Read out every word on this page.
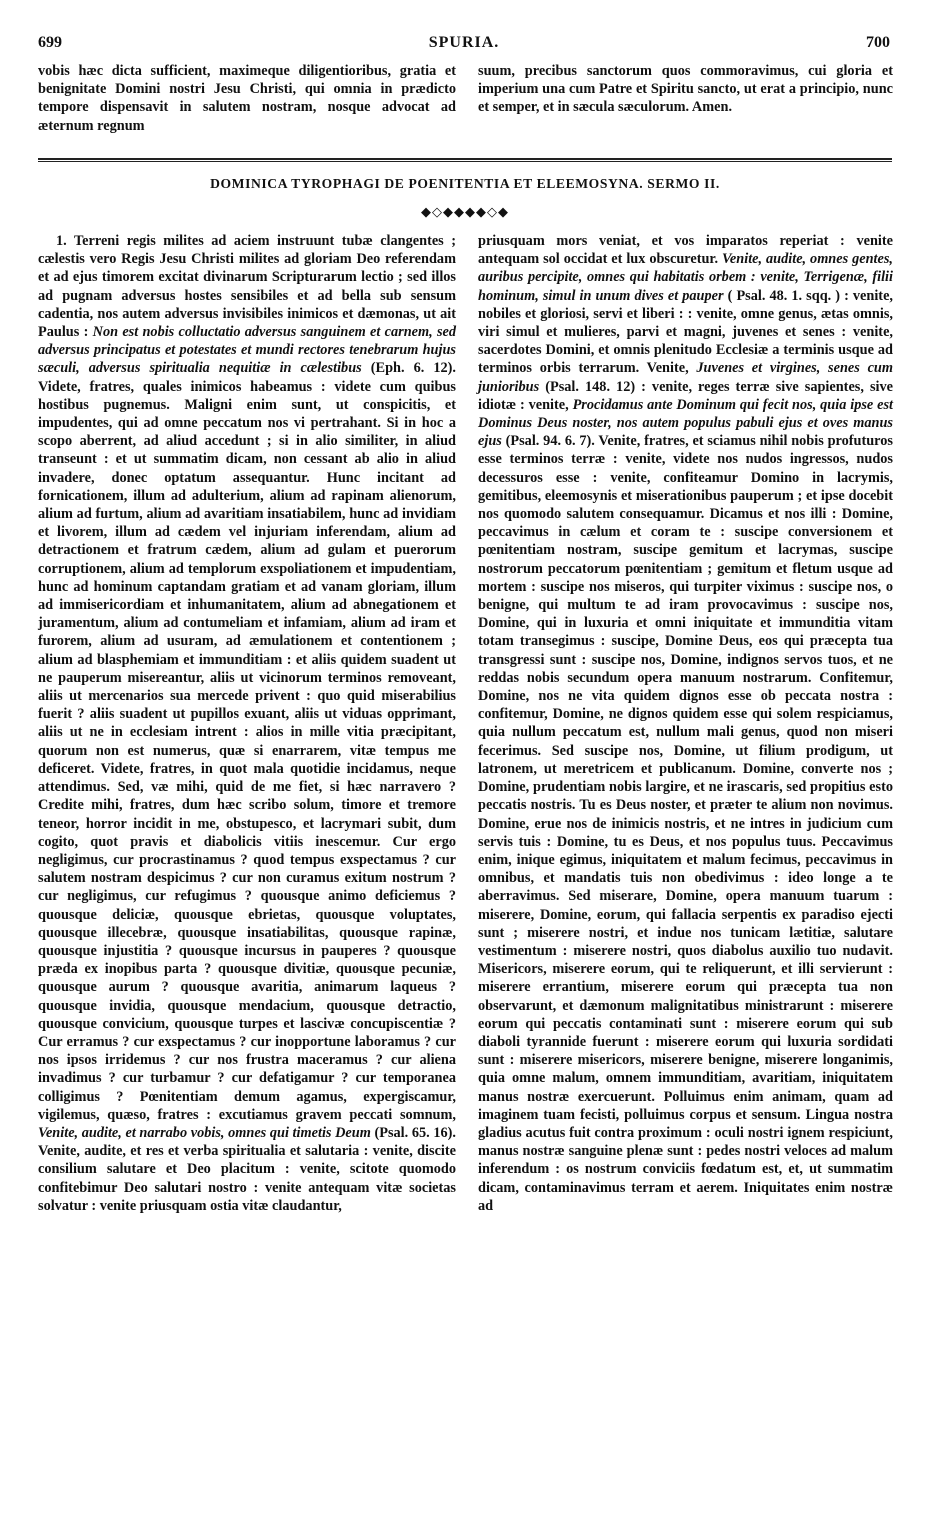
699	SPURIA.	700

vobis hæc dicta sufficient, maximeque diligentioribus, gratia et benignitate Domini nostri Jesu Christi, qui omnia in prædicto tempore dispensavit in salutem nostram, nosque advocat ad æternum regnum

suum, precibus sanctorum quos commoravimus, cui gloria et imperium una cum Patre et Spiritu sancto, ut erat a principio, nunc et semper, et in sæcula sæculorum. Amen.

DOMINICA TYROPHAGI DE POENITENTIA ET ELEEMOSYNA. SERMO II.
◆◇◆◆◆◆◇◆

1. Terreni regis milites ad aciem instruunt tubæ clangentes ; cælestis vero Regis Jesu Christi milites ad gloriam Deo referendam et ad ejus timorem excitat divinarum Scripturarum lectio ; sed illos ad pugnam adversus hostes sensibiles et ad bella sub sensum cadentia, nos autem adversus invisibiles inimicos et dæmonas, ut ait Paulus : Non est nobis colluctatio adversus sanguinem et carnem, sed adversus principatus et potestates et mundi rectores tenebrarum hujus sæculi, adversus spiritualia nequitiæ in cælestibus (Eph. 6. 12). Videte, fratres, quales inimicos habeamus : videte cum quibus hostibus pugnemus. Maligni enim sunt, ut conspicitis, et impudentes, qui ad omne peccatum nos vi pertrahant. Si in hoc a scopo aberrent, ad aliud accedunt ; si in alio similiter, in aliud transeunt : et ut summatim dicam, non cessant ab alio in aliud invadere, donec optatum assequantur. Hunc incitant ad fornicationem, illum ad adulterium, alium ad rapinam alienorum, alium ad furtum, alium ad avaritiam insatiabilem, hunc ad invidiam et livorem, illum ad cædem vel injuriam inferendam, alium ad detractionem et fratrum cædem, alium ad gulam et puerorum corruptionem, alium ad templorum exspoliationem et impudentiam, hunc ad hominum captandam gratiam et ad vanam gloriam, illum ad immisericordiam et inhumanitatem, alium ad abnegationem et juramentum, alium ad contumeliam et infamiam, alium ad iram et furorem, alium ad usuram, ad æmulationem et contentionem ; alium ad blasphemiam et immunditiam : et aliis quidem suadent ut ne pauperum misereantur, aliis ut vicinorum terminos removeant, aliis ut mercenarios sua mercede privent : quo quid miserabilius fuerit ? aliis suadent ut pupillos exuant, aliis ut viduas opprimant, aliis ut ne in ecclesiam intrent : alios in mille vitia præcipitant, quorum non est numerus, quæ si enarrarem, vitæ tempus me deficeret. Videte, fratres, in quot mala quotidie incidamus, neque attendimus. Sed, væ mihi, quid de me fiet, si hæc narravero ? Credite mihi, fratres, dum hæc scribo solum, timore et tremore teneor, horror incidit in me, obstupesco, et lacrymari subit, dum cogito, quot pravis et diabolicis vitiis inescemur. Cur ergo negligimus, cur procrastinamus ? quod tempus exspectamus ? cur salutem nostram despicimus ? cur non curamus exitum nostrum ? cur negligimus, cur refugimus ? quousque animo deficiemus ? quousque deliciæ, quousque ebrietas, quousque voluptates, quousque illecebræ, quousque insatiabilitas, quousque rapinæ, quousque injustitia ? quousque incursus in pauperes ? quousque præda ex inopibus parta ? quousque divitiæ, quousque pecuniæ, quousque aurum ? quousque avaritia, animarum laqueus ? quousque invidia, quousque mendacium, quousque detractio, quousque convicium, quousque turpes et lascivæ concupiscentiæ ? Cur erramus ? cur exspectamus ? cur inopportune laboramus ? cur nos ipsos irridemus ? cur nos frustra maceramus ? cur aliena invadimus ? cur turbamur ? cur defatigamur ? cur temporanea colligimus ? Pœnitentiam demum agamus, expergiscamur, vigilemus, quæso, fratres : excutiamus gravem peccati somnum, Venite, audite, et narrabo vobis, omnes qui timetis Deum (Psal. 65. 16). Venite, audite, et res et verba spiritualia et salutaria : venite, discite consilium salutare et Deo placitum : venite, scitote quomodo confitebimur Deo salutari nostro : venite antequam vitæ societas solvatur : venite priusquam ostia vitæ claudantur,

priusquam mors veniat, et vos imparatos reperiat : venite antequam sol occidat et lux obscuretur. Venite, audite, omnes gentes, auribus percipite, omnes qui habitatis orbem : venite, Terrigenæ, filii hominum, simul in unum dives et pauper ( Psal. 48. 1. sqq. ) : venite, nobiles et gloriosi, servi et liberi : : venite, omne genus, ætas omnis, viri simul et mulieres, parvi et magni, juvenes et senes : venite, sacerdotes Domini, et omnis plenitudo Ecclesiæ a terminis usque ad terminos orbis terrarum. Venite, Juvenes et virgines, senes cum junioribus (Psal. 148. 12) : venite, reges terræ sive sapientes, sive idiotæ : venite, Procidamus ante Dominum qui fecit nos, quia ipse est Dominus Deus noster, nos autem populus pabuli ejus et oves manus ejus (Psal. 94. 6. 7). Venite, fratres, et sciamus nihil nobis profuturos esse terminos terræ : venite, videte nos nudos ingressos, nudos decessuros esse : venite, confiteamur Domino in lacrymis, gemitibus, eleemosynis et miserationibus pauperum ; et ipse docebit nos quomodo salutem consequamur. Dicamus et nos illi : Domine, peccavimus in cælum et coram te : suscipe conversionem et pœnitentiam nostram, suscipe gemitum et lacrymas, suscipe nostrorum peccatorum pœnitentiam ; gemitum et fletum usque ad mortem : suscipe nos miseros, qui turpiter viximus : suscipe nos, o benigne, qui multum te ad iram provocavimus : suscipe nos, Domine, qui in luxuria et omni iniquitate et immunditia vitam totam transegimus : suscipe, Domine Deus, eos qui præcepta tua transgressi sunt : suscipe nos, Domine, indignos servos tuos, et ne reddas nobis secundum opera manuum nostrarum. Confitemur, Domine, nos ne vita quidem dignos esse ob peccata nostra : confitemur, Domine, ne dignos quidem esse qui solem respiciamus, quia nullum peccatum est, nullum mali genus, quod non miseri fecerimus. Sed suscipe nos, Domine, ut filium prodigum, ut latronem, ut meretricem et publicanum. Domine, converte nos ; Domine, prudentiam nobis largire, et ne irascaris, sed propitius esto peccatis nostris. Tu es Deus noster, et præter te alium non novimus. Domine, erue nos de inimicis nostris, et ne intres in judicium cum servis tuis : Domine, tu es Deus, et nos populus tuus. Peccavimus enim, inique egimus, iniquitatem et malum fecimus, peccavimus in omnibus, et mandatis tuis non obedivimus : ideo longe a te aberravimus. Sed miserare, Domine, opera manuum tuarum : miserere, Domine, eorum, qui fallacia serpentis ex paradiso ejecti sunt ; miserere nostri, et indue nos tunicam lætitiæ, salutare vestimentum : miserere nostri, quos diabolus auxilio tuo nudavit. Misericors, miserere eorum, qui te reliquerunt, et illi servierunt : miserere errantium, miserere eorum qui præcepta tua non observarunt, et dæmonum malignitatibus ministrarunt : miserere eorum qui peccatis contaminati sunt : miserere eorum qui sub diaboli tyrannide fuerunt : miserere eorum qui luxuria sordidati sunt : miserere misericors, miserere benigne, miserere longanimis, quia omne malum, omnem immunditiam, avaritiam, iniquitatem manus nostræ exercuerunt. Polluimus enim animam, quam ad imaginem tuam fecisti, polluimus corpus et sensum. Lingua nostra gladius acutus fuit contra proximum : oculi nostri ignem respiciunt, manus nostræ sanguine plenæ sunt : pedes nostri veloces ad malum inferendum : os nostrum conviciis fœdatum est, et, ut summatim dicam, contaminavimus terram et aerem. Iniquitates enim nostræ ad
